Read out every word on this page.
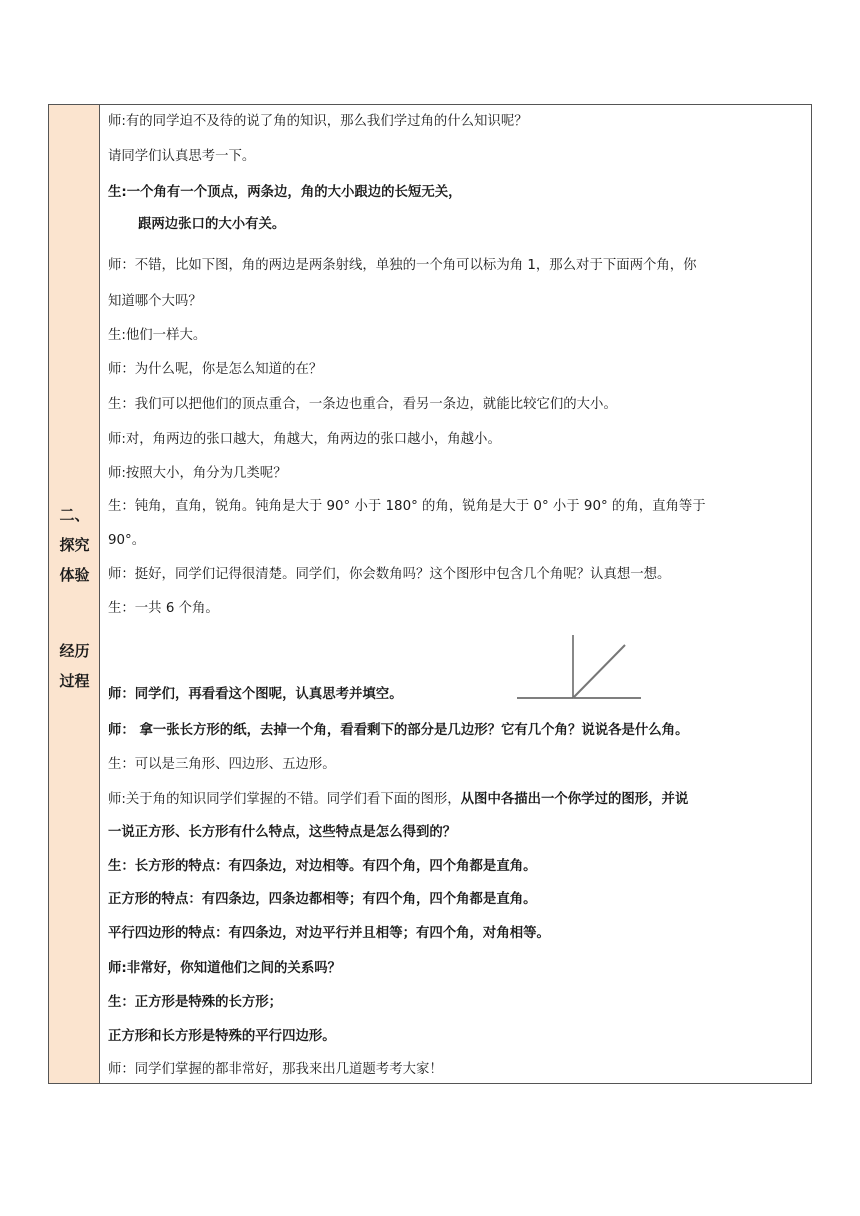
二、
探究
体验
经历
过程
师:有的同学迫不及待的说了角的知识，那么我们学过角的什么知识呢？
请同学们认真思考一下。
生:一个角有一个顶点，两条边，角的大小跟边的长短无关，
跟两边张口的大小有关。
师：不错，比如下图，角的两边是两条射线，单独的一个角可以标为角 1，那么对于下面两个角，你
知道哪个大吗？
生:他们一样大。
师：为什么呢，你是怎么知道的在？
生：我们可以把他们的顶点重合，一条边也重合，看另一条边，就能比较它们的大小。
师:对，角两边的张口越大，角越大，角两边的张口越小，角越小。
师:按照大小，角分为几类呢？
生：钝角，直角，锐角。钝角是大于 90° 小于 180° 的角，锐角是大于 0° 小于 90° 的角，直角等于
90°。
师：挺好，同学们记得很清楚。同学们，你会数角吗？这个图形中包含几个角呢？认真想一想。
生：一共 6 个角。
师：同学们，再看看这个图呢，认真思考并填空。
师： 拿一张长方形的纸，去掉一个角，看看剩下的部分是几边形？它有几个角？说说各是什么角。
生：可以是三角形、四边形、五边形。
师:关于角的知识同学们掌握的不错。同学们看下面的图形，从图中各描出一个你学过的图形，并说
一说正方形、长方形有什么特点，这些特点是怎么得到的？
生：长方形的特点：有四条边，对边相等。有四个角，四个角都是直角。
正方形的特点：有四条边，四条边都相等；有四个角，四个角都是直角。
平行四边形的特点：有四条边，对边平行并且相等；有四个角，对角相等。
师:非常好，你知道他们之间的关系吗？
生：正方形是特殊的长方形；
正方形和长方形是特殊的平行四边形。
师：同学们掌握的都非常好，那我来出几道题考考大家！
